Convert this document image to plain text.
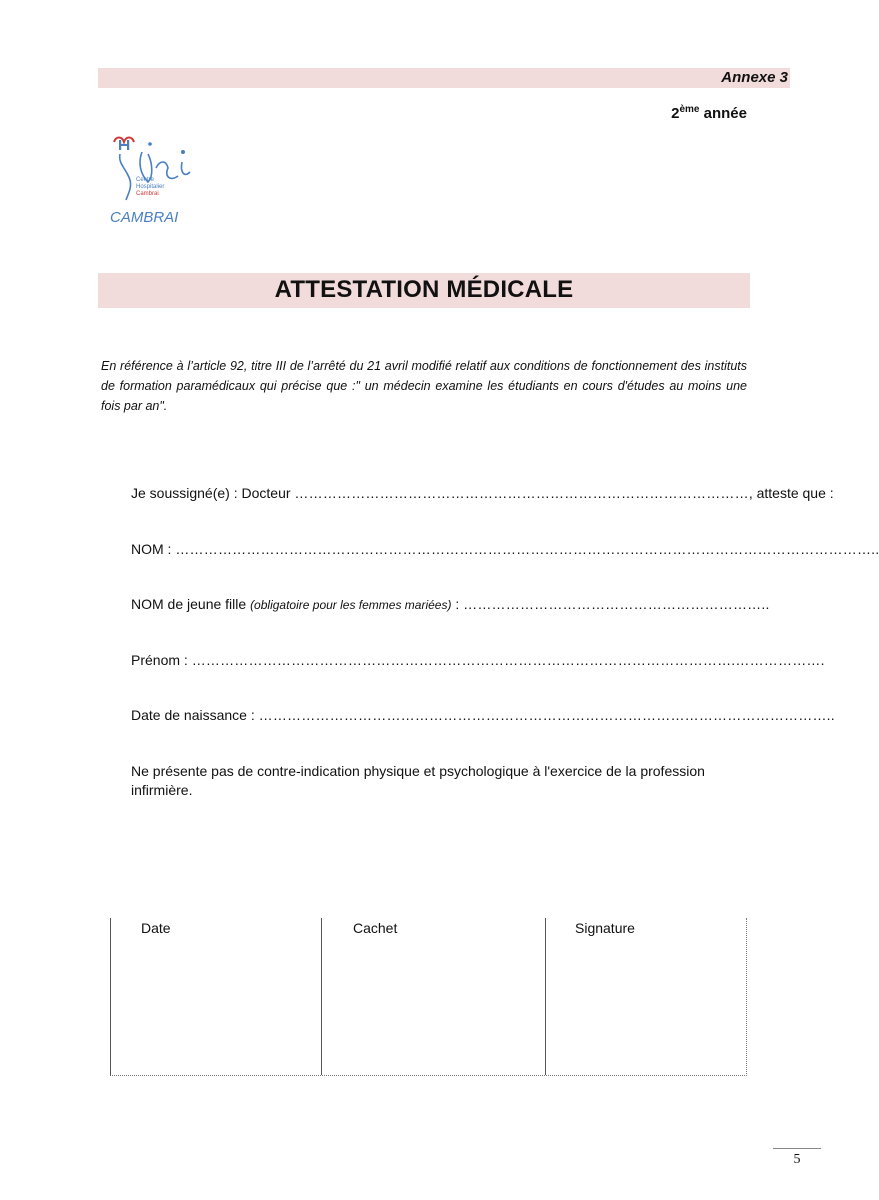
Annexe 3
2ème année
Centre
Hospitalier
Cambrai
CAMBRAI
ATTESTATION MÉDICALE
En référence à l’article 92, titre III de l’arrêté du 21 avril modifié relatif aux conditions de fonctionnement des instituts de formation paramédicaux qui précise que :" un médecin examine les étudiants en cours d'études au moins une fois par an".
Je soussigné(e) : Docteur ……………………………………………………………………………………, atteste que :
NOM : …………………………………………………………………………………………………………………………………..
NOM de jeune fille (obligatoire pour les femmes mariées) : ………………………………………………………..
Prénom : …………………………………………………………………………………………………….……………….
Date de naissance : …………………………………………………………………………………………………………..
Ne présente pas de contre-indication physique et psychologique à l'exercice de la profession infirmière.
Date	Cachet	Signature
5
